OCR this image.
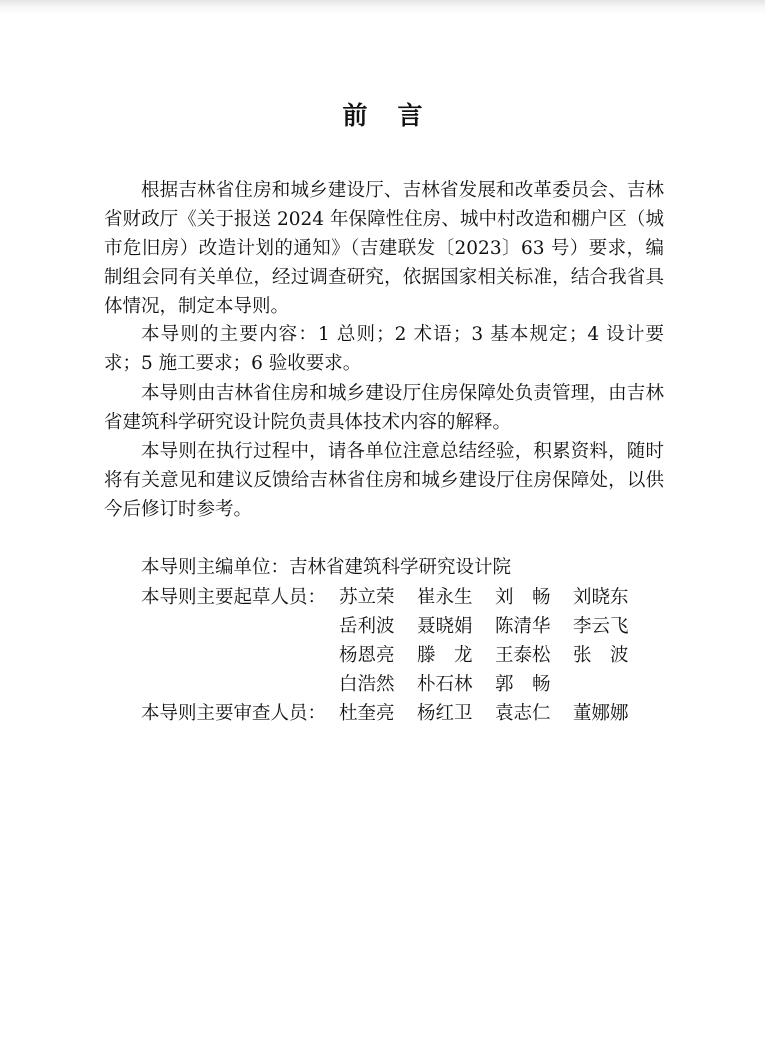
前 言

根据吉林省住房和城乡建设厅、吉林省发展和改革委员会、吉林省财政厅《关于报送 2024 年保障性住房、城中村改造和棚户区（城市危旧房）改造计划的通知》（吉建联发〔2023〕63 号）要求，编制组会同有关单位，经过调查研究，依据国家相关标准，结合我省具体情况，制定本导则。

本导则的主要内容：1 总则；2 术语；3 基本规定；4 设计要求；5 施工要求；6 验收要求。

本导则由吉林省住房和城乡建设厅住房保障处负责管理，由吉林省建筑科学研究设计院负责具体技术内容的解释。

本导则在执行过程中，请各单位注意总结经验，积累资料，随时将有关意见和建议反馈给吉林省住房和城乡建设厅住房保障处，以供今后修订时参考。

本导则主编单位：吉林省建筑科学研究设计院
本导则主要起草人员： 苏立荣 崔永生 刘　畅 刘晓东
岳利波 聂晓娟 陈清华 李云飞
杨恩亮 滕　龙 王泰松 张　波
白浩然 朴石林 郭　畅
本导则主要审查人员： 杜奎亮 杨红卫 袁志仁 董娜娜
